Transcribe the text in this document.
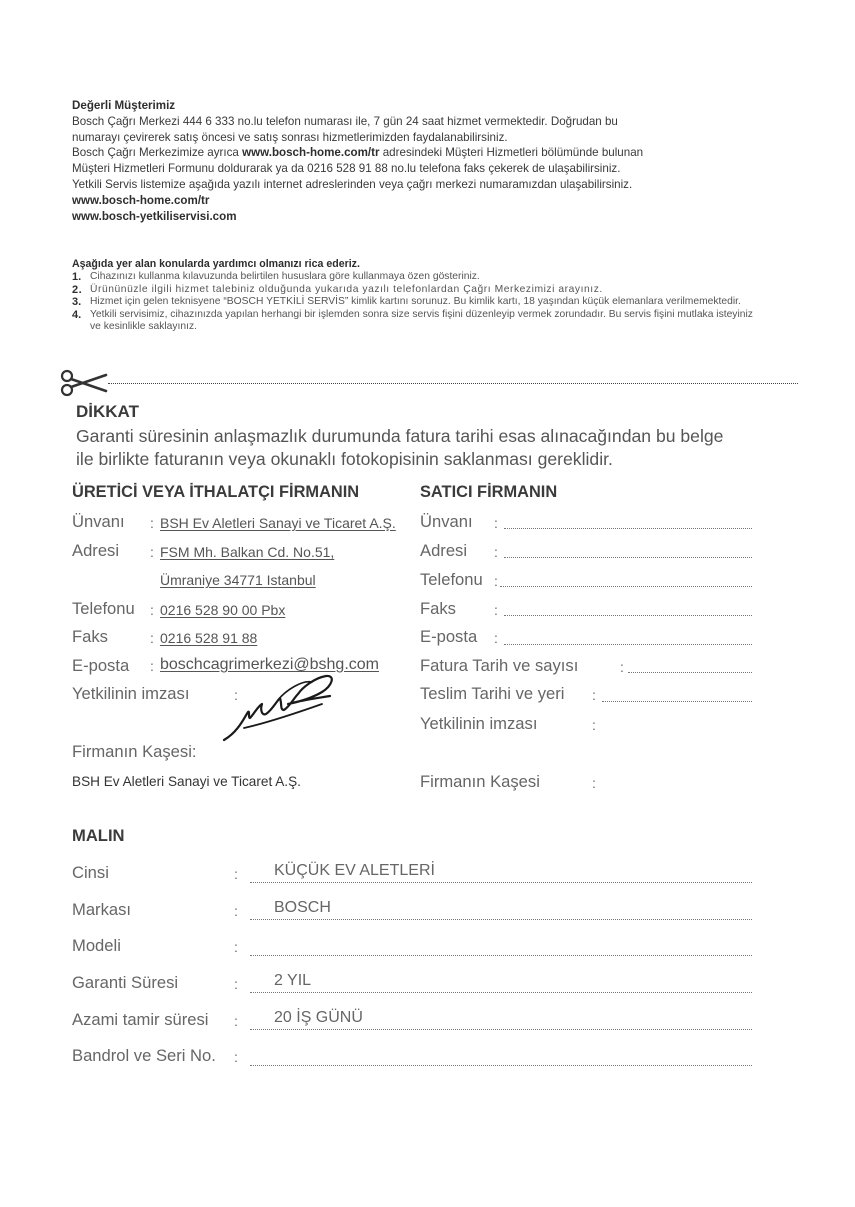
Değerli Müşterimiz
Bosch Çağrı Merkezi 444 6 333 no.lu telefon numarası ile, 7 gün 24 saat hizmet vermektedir. Doğrudan bu
numarayı çevirerek satış öncesi ve satış sonrası hizmetlerimizden faydalanabilirsiniz.
Bosch Çağrı Merkezimize ayrıca www.bosch-home.com/tr adresindeki Müşteri Hizmetleri bölümünde bulunan
Müşteri Hizmetleri Formunu doldurarak ya da 0216 528 91 88 no.lu telefona faks çekerek de ulaşabilirsiniz.
Yetkili Servis listemize aşağıda yazılı internet adreslerinden veya çağrı merkezi numaramızdan ulaşabilirsiniz.
www.bosch-home.com/tr
www.bosch-yetkiliservisi.com
Aşağıda yer alan konularda yardımcı olmanızı rica ederiz.
1. Cihazınızı kullanma kılavuzunda belirtilen hususlara göre kullanmaya özen gösteriniz.
2. Ürününüzle ilgili hizmet talebiniz olduğunda yukarıda yazılı telefonlardan Çağrı Merkezimizi arayınız.
3. Hizmet için gelen teknisyene “BOSCH YETKİLİ SERVİS” kimlik kartını sorunuz. Bu kimlik kartı, 18 yaşından küçük elemanlara verilmemektedir.
4. Yetkili servisimiz, cihazınızda yapılan herhangi bir işlemden sonra size servis fişini düzenleyip vermek zorundadır. Bu servis fişini mutlaka isteyiniz ve kesinlikle saklayınız.
DİKKAT
Garanti süresinin anlaşmazlık durumunda fatura tarihi esas alınacağından bu belge
ile birlikte faturanın veya okunaklı fotokopisinin saklanması gereklidir.
ÜRETİCİ VEYA İTHALATÇI FİRMANIN
Ünvanı : BSH Ev Aletleri Sanayi ve Ticaret A.Ş.
Adresi : FSM Mh. Balkan Cd. No.51,
Ümraniye 34771 Istanbul
Telefonu : 0216 528 90 00 Pbx
Faks	: 0216 528 91 88
E-posta : boschcagrimerkezi@bshg.com
Yetkilinin imzası	:
Firmanın Kaşesi:
BSH Ev Aletleri Sanayi ve Ticaret A.Ş.
SATICI FİRMANIN
Ünvanı :
Adresi :
Telefonu :
Faks	:
E-posta :
Fatura Tarih ve sayısı	:
Teslim Tarihi ve yeri :
Yetkilinin imzası	:
Firmanın Kaşesi	:
MALIN
Cinsi	: KÜÇÜK EV ALETLERİ
Markası	: BOSCH
Modeli	:
Garanti Süresi	: 2 YIL
Azami tamir süresi : 20 İŞ GÜNÜ
Bandrol ve Seri No. :
